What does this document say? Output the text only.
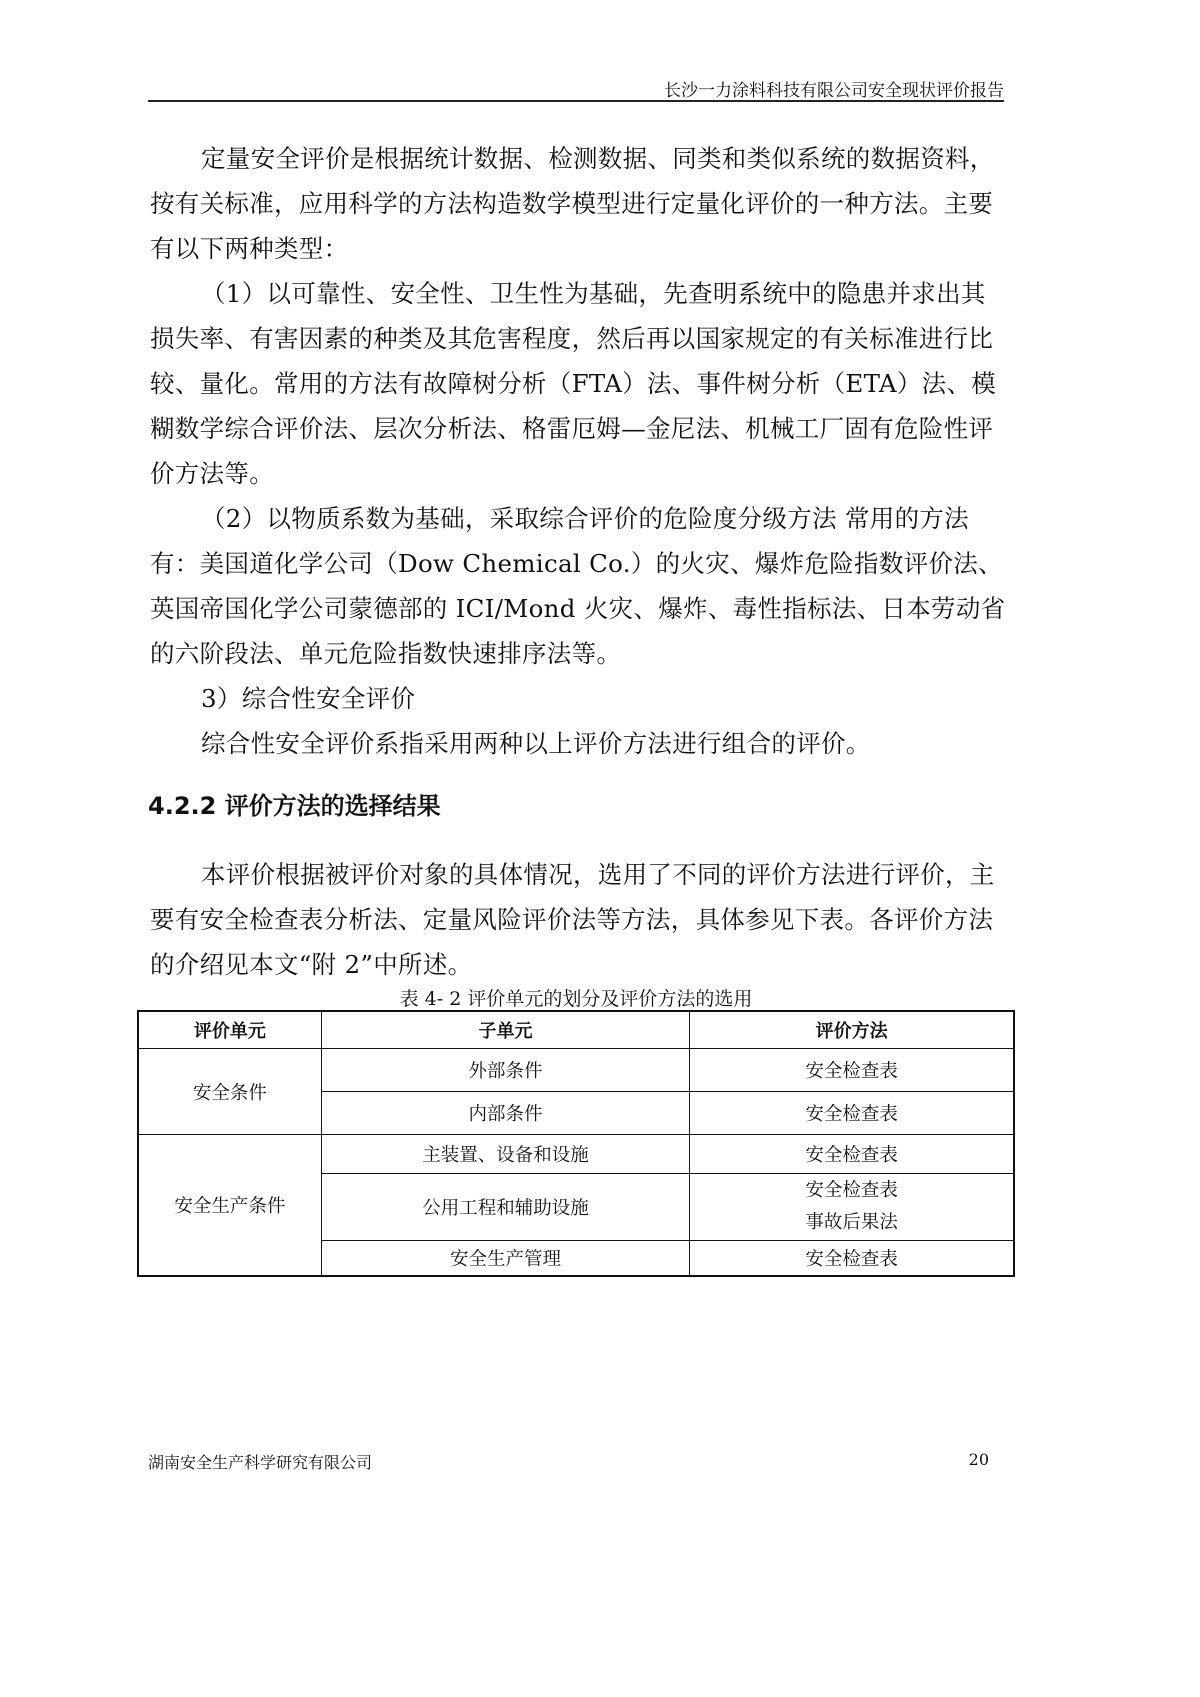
长沙一力涂料科技有限公司安全现状评价报告

定量安全评价是根据统计数据、检测数据、同类和类似系统的数据资料，按有关标准，应用科学的方法构造数学模型进行定量化评价的一种方法。主要有以下两种类型：

（1）以可靠性、安全性、卫生性为基础，先查明系统中的隐患并求出其损失率、有害因素的种类及其危害程度，然后再以国家规定的有关标准进行比较、量化。常用的方法有故障树分析（FTA）法、事件树分析（ETA）法、模糊数学综合评价法、层次分析法、格雷厄姆—金尼法、机械工厂固有危险性评价方法等。

（2）以物质系数为基础，采取综合评价的危险度分级方法 常用的方法有：美国道化学公司（Dow Chemical Co.）的火灾、爆炸危险指数评价法、英国帝国化学公司蒙德部的 ICI/Mond 火灾、爆炸、毒性指标法、日本劳动省的六阶段法、单元危险指数快速排序法等。

3）综合性安全评价

综合性安全评价系指采用两种以上评价方法进行组合的评价。

4.2.2 评价方法的选择结果

本评价根据被评价对象的具体情况，选用了不同的评价方法进行评价，主要有安全检查表分析法、定量风险评价法等方法，具体参见下表。各评价方法的介绍见本文“附 2”中所述。

表 4- 2 评价单元的划分及评价方法的选用
评价单元	子单元	评价方法
安全条件	外部条件	安全检查表
	内部条件	安全检查表
安全生产条件	主装置、设备和设施	安全检查表
	公用工程和辅助设施	安全检查表
事故后果法

	安全生产管理	安全检查表
湖南安全生产科学研究有限公司	20
